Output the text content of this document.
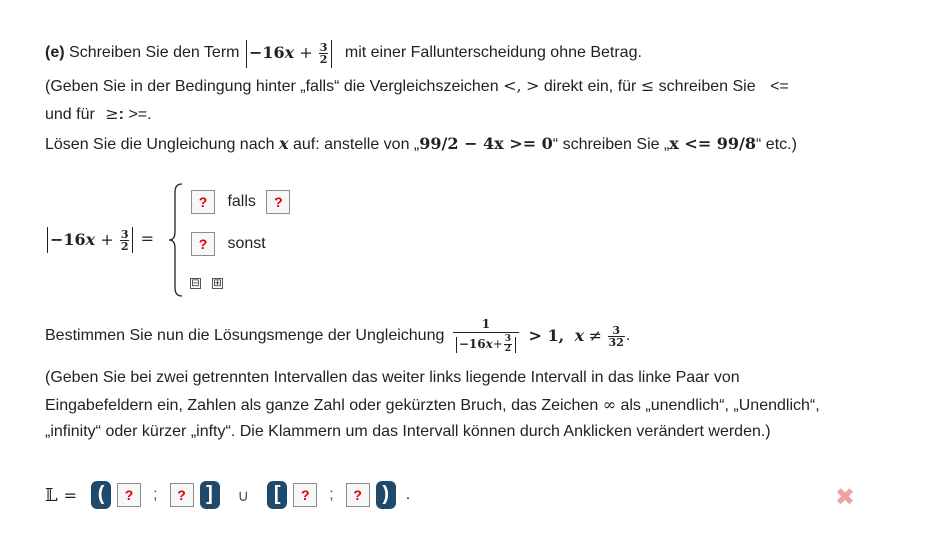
(e) Schreiben Sie den Term $-16x + \frac{3}{2}$ mit einer Fallunterscheidung ohne Betrag.
(Geben Sie in der Bedingung hinter „falls“ die Vergleichszeichen <, > direkt ein, für ≤ schreiben Sie <=
und für ≥: >=.
Lösen Sie die Ungleichung nach x auf: anstelle von „99/2 − 4x >= 0“ schreiben Sie „x <= 99/8“ etc.)
$-16x + \frac{3}{2}$ =
? falls ?
? sonst
⊟ ⊞
Bestimmen Sie nun die Lösungsmenge der Ungleichung $\frac{1}{-16x+ \frac{3}{2}} > 1$, $x \ne \frac{3}{32}$ .
(Geben Sie bei zwei getrennten Intervallen das weiter links liegende Intervall in das linke Paar von
Eingabefeldern ein, Zahlen als ganze Zahl oder gekürzten Bruch, das Zeichen ∞ als „unendlich“, „Unendlich“,
„infinity“ oder kürzer „infty“. Die Klammern um das Intervall können durch Anklicken verändert werden.)
𝕃 =	(	?	;	?	]	∪	[	?	;	?	)	.	✖
